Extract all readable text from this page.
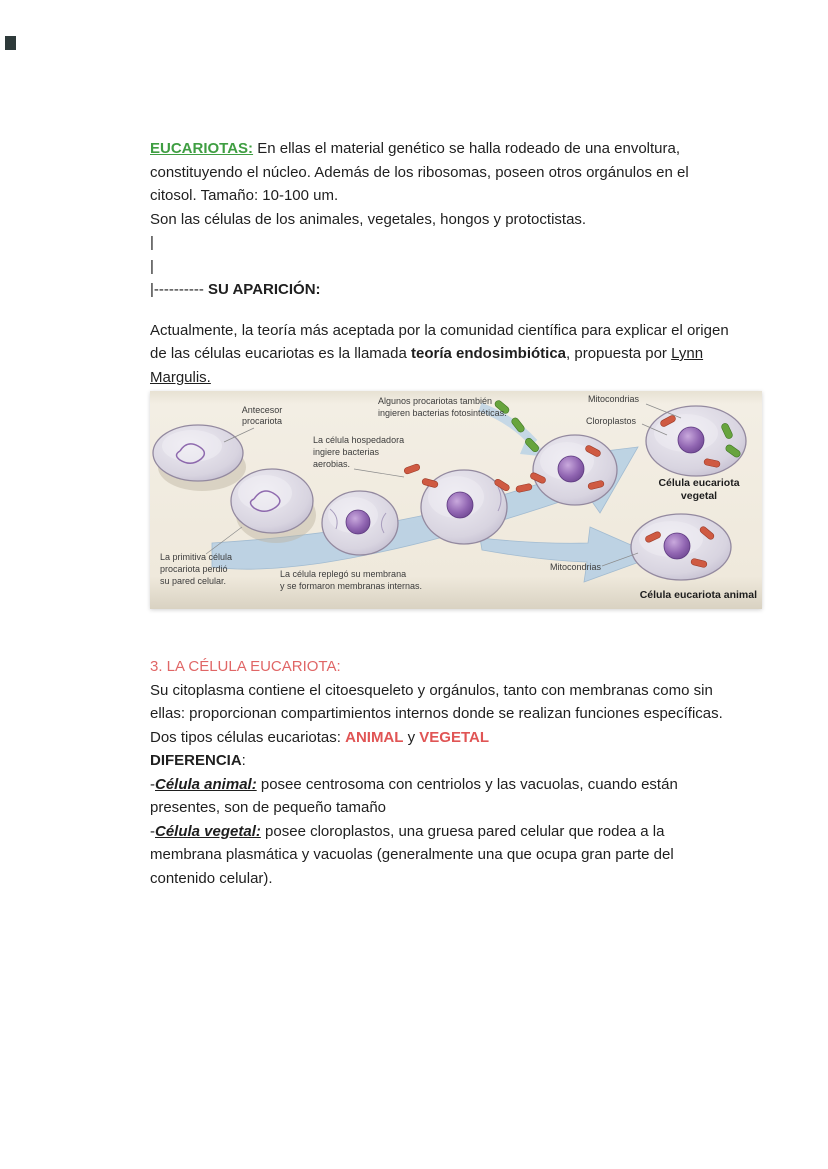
EUCARIOTAS: En ellas el material genético se halla rodeado de una envoltura, constituyendo el núcleo. Además de los ribosomas, poseen otros orgánulos en el citosol. Tamaño: 10-100 um.
Son las células de los animales, vegetales, hongos y protoctistas.
|
|
|---------- SU APARICIÓN:
Actualmente, la teoría más aceptada por la comunidad científica para explicar el origen de las células eucariotas es la llamada teoría endosimbiótica, propuesta por Lynn Margulis.
Antecesor
procariota
Algunos procariotas también
ingieren bacterias fotosintéticas.
Mitocondrias
Cloroplastos
La célula hospedadora
ingiere bacterias
aerobias.
Célula eucariota
vegetal
La primitiva célula
procariota perdió
su pared celular.
La célula replegó su membrana
y se formaron membranas internas.
Mitocondrias
Célula eucariota animal
3. LA CÉLULA EUCARIOTA:
Su citoplasma contiene el citoesqueleto y orgánulos, tanto con membranas como sin ellas: proporcionan compartimientos internos donde se realizan funciones específicas.
Dos tipos células eucariotas: ANIMAL y VEGETAL
DIFERENCIA:
-Célula animal: posee centrosoma con centriolos y las vacuolas, cuando están presentes, son de pequeño tamaño
-Célula vegetal: posee cloroplastos, una gruesa pared celular que rodea a la membrana plasmática y vacuolas (generalmente una que ocupa gran parte del contenido celular).
